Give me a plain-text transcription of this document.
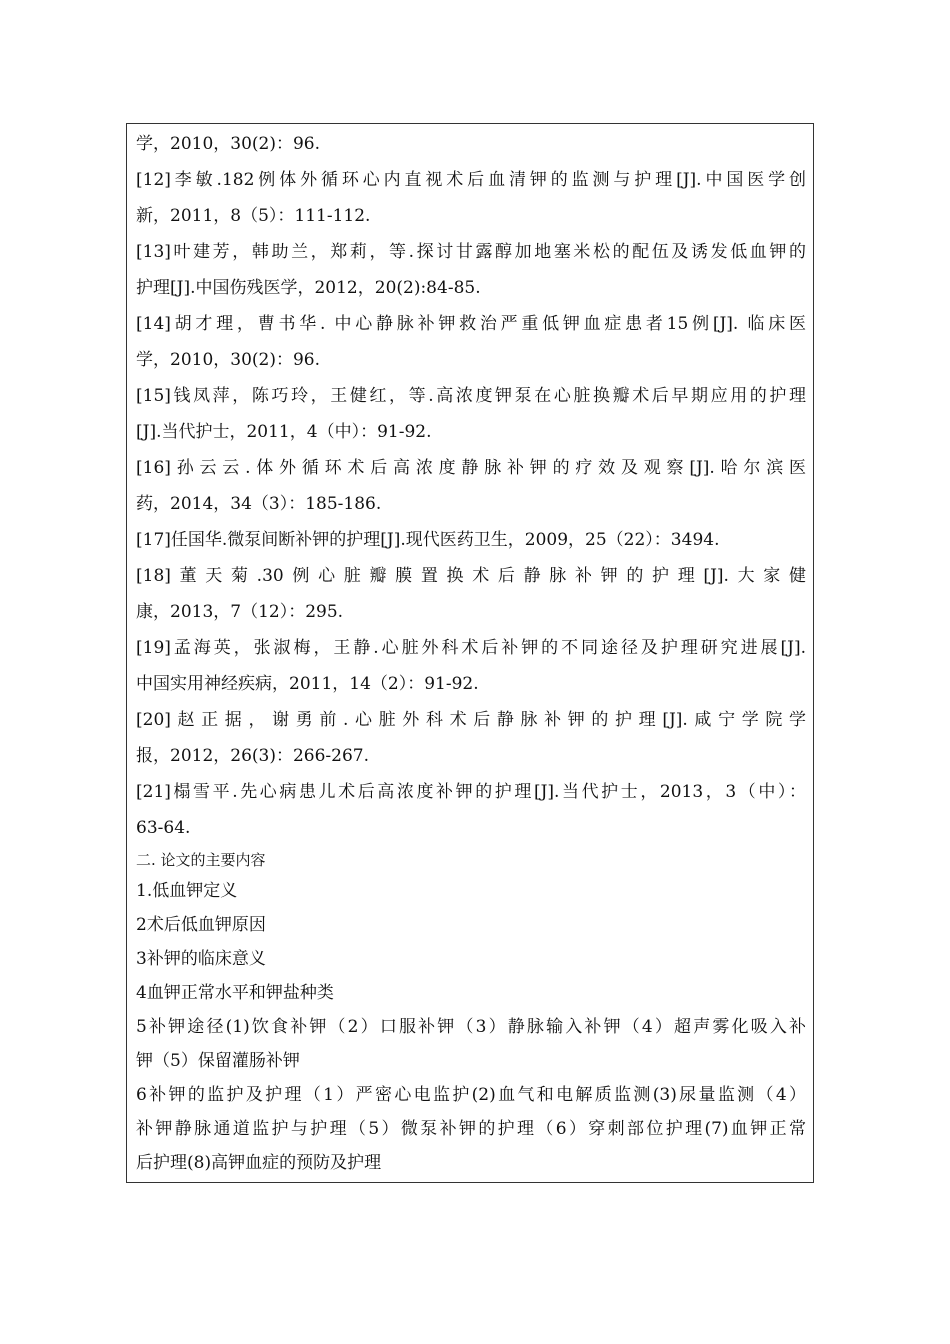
学，2010，30(2)：96.
[12]李敏.182例体外循环心内直视术后血清钾的监测与护理[J].中国医学创
新，2011，8（5）：111-112.
[13]叶建芳，韩助兰，郑莉，等.探讨甘露醇加地塞米松的配伍及诱发低血钾的
护理[J].中国伤残医学，2012，20(2):84-85.
[14]胡才理，曹书华. 中心静脉补钾救治严重低钾血症患者15例[J]. 临床医
学，2010，30(2)：96.
[15]钱凤萍，陈巧玲，王健红，等.高浓度钾泵在心脏换瓣术后早期应用的护理
[J].当代护士，2011，4（中）：91-92.
[16]孙云云.体外循环术后高浓度静脉补钾的疗效及观察[J].哈尔滨医
药，2014，34（3）：185-186.
[17]任国华.微泵间断补钾的护理[J].现代医药卫生，2009，25（22）：3494.
[18]董天菊.30例心脏瓣膜置换术后静脉补钾的护理[J].大家健
康，2013，7（12）：295.
[19]孟海英，张淑梅，王静.心脏外科术后补钾的不同途径及护理研究进展[J].
中国实用神经疾病，2011，14（2）：91-92.
[20]赵正据，谢勇前.心脏外科术后静脉补钾的护理[J].咸宁学院学
报，2012，26(3)：266-267.
[21]榻雪平.先心病患儿术后高浓度补钾的护理[J].当代护士，2013，3（中）：
63-64.
二. 论文的主要内容
1.低血钾定义
2术后低血钾原因
3补钾的临床意义
4血钾正常水平和钾盐种类
5补钾途径(1)饮食补钾（2）口服补钾（3）静脉输入补钾（4）超声雾化吸入补
钾（5）保留灌肠补钾
6补钾的监护及护理（1）严密心电监护(2)血气和电解质监测(3)尿量监测（4）
补钾静脉通道监护与护理（5）微泵补钾的护理（6）穿刺部位护理(7)血钾正常
后护理(8)高钾血症的预防及护理
